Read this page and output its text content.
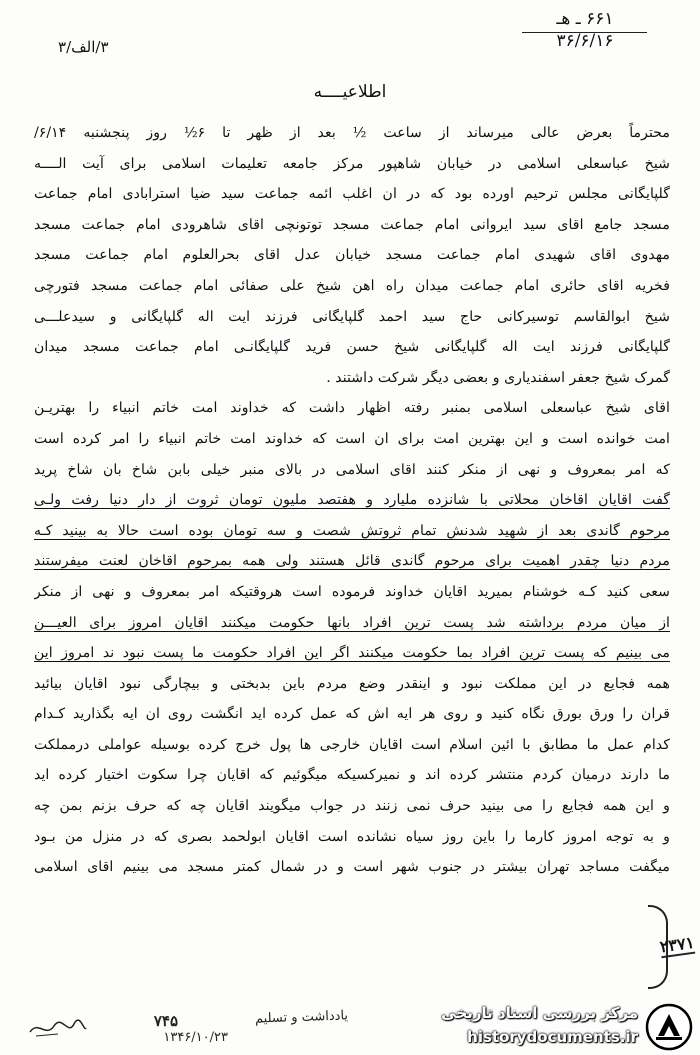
۶۶۱ ـ هـ
۳۶/۶/۱۶
۳/الف/۳
اطلاعیــــه
محترماً بعرض عالی میرساند از ساعت ½ بعد از ظهر تا ۶½ روز پنجشنبه ۶/۱۴/
شیخ عباسعلی اسلامی در خیابان شاهپور مرکز جامعه تعلیمات اسلامی برای آیت الــــه
گلپایگانی مجلس ترحیم اورده بود که در ان اغلب ائمه جماعت سید ضیا استرابادی امام جماعت
مسجد جامع اقای سید ایروانی امام جماعت مسجد توتونچی اقای شاهرودی امام جماعت مسجد
مهدوی اقای شهیدی امام جماعت مسجد خیابان عدل اقای بحرالعلوم امام جماعت مسجد
فخریه اقای حائری امام جماعت میدان راه اهن شیخ علی صفائی امام جماعت مسجد فتورچی
شیخ ابوالقاسم توسیرکانی حاج سید احمد گلپایگانی فرزند ایت اله گلپایگانی و سیدعلـــی
گلپایگانی فرزند ایت اله گلپایگانی شیخ حسن فرید گلپایگانـی امام جماعت مسجد میدان
گمرک شیخ جعفر اسفندیاری و بعضی دیگر شرکت داشتند .
اقای شیخ عباسعلی اسلامی بمنبر رفته اظهار داشت که خداوند امت خاتم انبیاء را بهتریـن
امت خوانده است و این بهترین امت برای ان است که خداوند امت خاتم انبیاء را امر کرده است
که امر بمعروف و نهی از منکر کنند اقای اسلامی در بالای منبر خیلی بابن شاخ بان شاخ پرید
گفت اقایان اقاخان محلاتی با شانزده ملیارد و هفتصد ملیون تومان ثروت از دار دنیا رفت ولـی
مرحوم گاندی بعد از شهید شدنش تمام ثروتش شصت و سه تومان بوده است حالا به بینید کـه
مردم دنیا چقدر اهمیت برای مرحوم گاندی قائل هستند ولی همه بمرحوم اقاخان لعنت میفرستند
سعی کنید کـه خوشنام بمیرید اقایان خداوند فرموده است هروقتیکه امر بمعروف و نهی از منکر
از میان مردم برداشته شد پست ترین افراد بانها حکومت میکنند اقایان امروز برای العیـــن
می بینیم که پست ترین افراد بما حکومت میکنند اگر این افراد حکومت ما پست نبود ند امروز این
همه فجایع در این مملکت نبود و اینقدر وضع مردم باین بدبختی و بیچارگی نبود اقایان بیائید
قران را ورق بورق نگاه کنید و روی هر ایه اش که عمل کرده اید انگشت روی ان ایه بگذارید کـدام
کدام عمل ما مطابق با ائین اسلام است اقایان خارجی ها پول خرج کرده بوسیله عواملی درمملکت
ما دارند درمیان کردم منتشر کرده اند و نمیرکسیکه میگوئیم که اقایان چرا سکوت اختیار کرده اید
و این همه فجایع را می بینید حرف نمی زنند در جواب میگویند اقایان چه که حرف بزنم بمن چه
و به توجه امروز کارما را باین روز سیاه نشانده است اقایان ابولحمد بصری که در منزل من بـود
میگفت مساجد تهران بیشتر در جنوب شهر است و در شمال کمتر مسجد می بینیم اقای اسلامی
۲۳۷۱
یادداشت و تسلیم
۷۴۵
۱۳۴۶/۱۰/۲۳
مرکز بررسی اسناد تاریخی
historydocuments.ir
